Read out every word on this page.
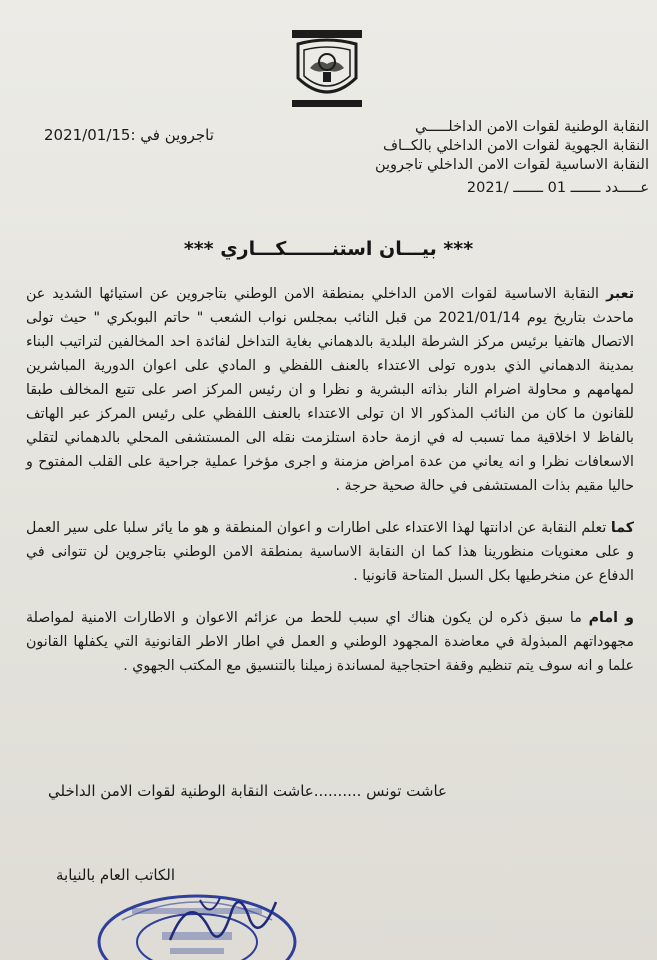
النقابة الوطنية لقوات الامن الداخلـــــي
النقابة الجهوية لقوات الامن الداخلي بالكــاف
النقابة الاساسية لقوات الامن الداخلي تاجروين
عـــــدد ـــــــ 01 ـــــــ /2021
تاجروين في :2021/01/15
*** بيـــان استنـــــــكـــاري ***

تعبر النقابة الاساسية لقوات الامن الداخلي بمنطقة الامن الوطني بتاجروين عن استيائها الشديد عن ماحدث بتاريخ يوم 2021/01/14 من قبل النائب بمجلس نواب الشعب " حاتم البوبكري " حيث تولى الاتصال هاتفيا برئيس مركز الشرطة البلدية بالدهماني بغاية التداخل لفائدة احد المخالفين لتراتيب البناء بمدينة الدهماني الذي بدوره تولى الاعتداء بالعنف اللفظي و المادي على اعوان الدورية المباشرين لمهامهم و محاولة اضرام النار بذاته البشرية و نظرا و ان رئيس المركز اصر على تتبع المخالف طبقا للقانون ما كان من النائب المذكور الا ان تولى الاعتداء بالعنف اللفظي على رئيس المركز عبر الهاتف بالفاظ لا اخلاقية مما تسبب له في ازمة حادة استلزمت نقله الى المستشفى المحلي بالدهماني لتقلي الاسعافات نظرا و انه يعاني من عدة امراض مزمنة و اجرى مؤخرا عملية جراحية على القلب المفتوح و حاليا مقيم بذات المستشفى في حالة صحية حرجة .

كما تعلم النقابة عن ادانتها لهذا الاعتداء على اطارات و اعوان المنطقة و هو ما يائر سلبا على سير العمل و على معنويات منظورينا هذا كما ان النقابة الاساسية بمنطقة الامن الوطني بتاجروين لن تتوانى في الدفاع عن منخرطيها بكل السبل المتاحة قانونيا .

و امام ما سبق ذكره لن يكون هناك اي سبب للحط من عزائم الاعوان و الاطارات الامنية لمواصلة مجهوداتهم المبذولة في معاضدة المجهود الوطني و العمل في اطار الاطر القانونية التي يكفلها القانون علما و انه سوف يتم تنظيم وقفة احتجاجية لمساندة زميلنا بالتنسيق مع المكتب الجهوي .

عاشت تونس ..........عاشت النقابة الوطنية لقوات الامن الداخلي
الكاتب العام بالنيابة
